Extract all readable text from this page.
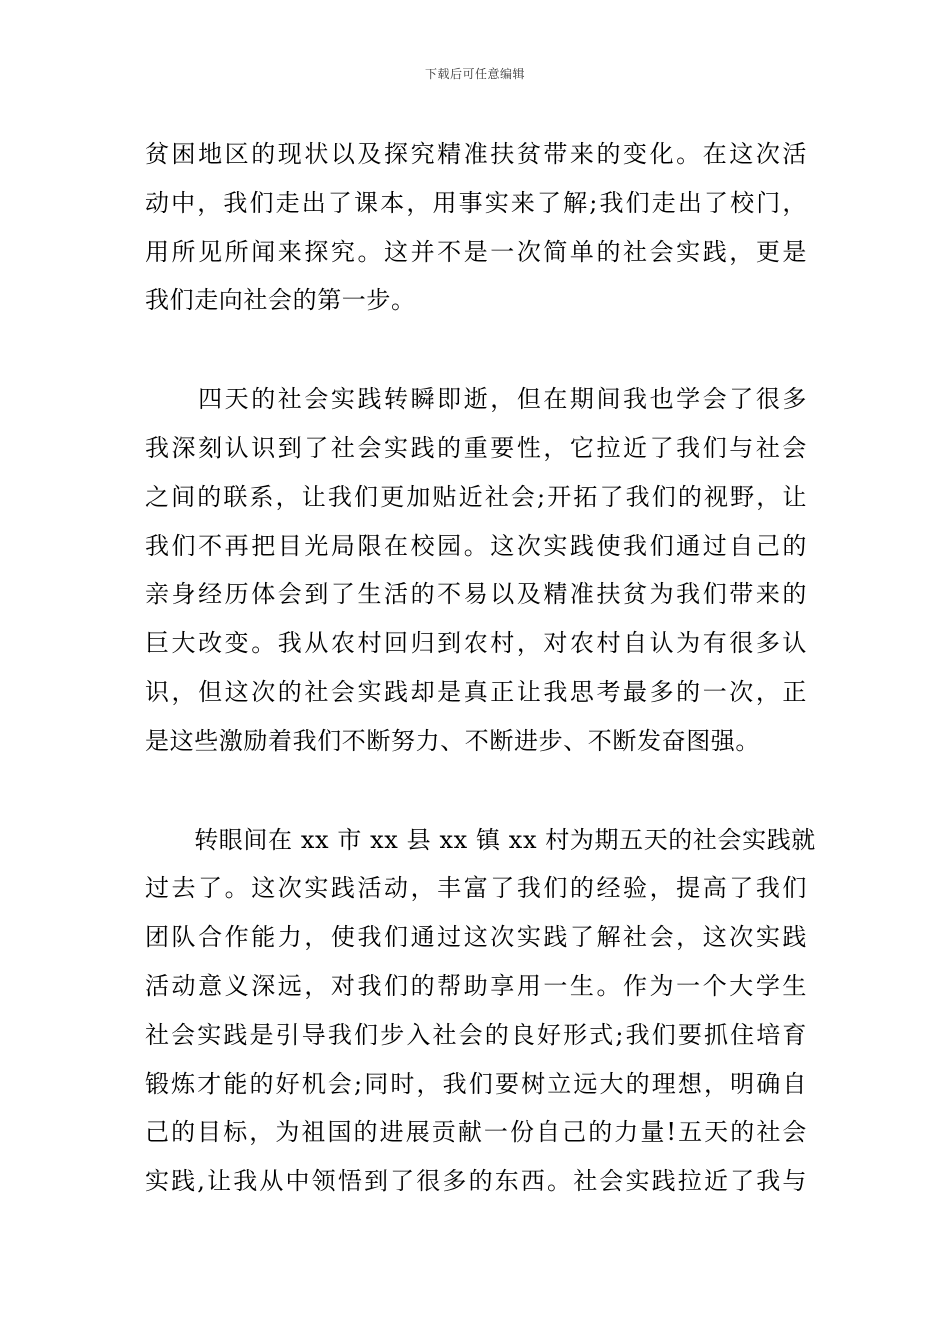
下载后可任意编辑
贫困地区的现状以及探究精准扶贫带来的变化。在这次活
动中，我们走出了课本，用事实来了解;我们走出了校门，
用所见所闻来探究。这并不是一次简单的社会实践，更是
我们走向社会的第一步。
　　四天的社会实践转瞬即逝，但在期间我也学会了很多
我深刻认识到了社会实践的重要性，它拉近了我们与社会
之间的联系，让我们更加贴近社会;开拓了我们的视野，让
我们不再把目光局限在校园。这次实践使我们通过自己的
亲身经历体会到了生活的不易以及精准扶贫为我们带来的
巨大改变。我从农村回归到农村，对农村自认为有很多认
识，但这次的社会实践却是真正让我思考最多的一次，正
是这些激励着我们不断努力、不断进步、不断发奋图强。
　　转眼间在 xx 市 xx 县 xx 镇 xx 村为期五天的社会实践就
过去了。这次实践活动，丰富了我们的经验，提高了我们
团队合作能力，使我们通过这次实践了解社会，这次实践
活动意义深远，对我们的帮助享用一生。作为一个大学生
社会实践是引导我们步入社会的良好形式;我们要抓住培育
锻炼才能的好机会;同时，我们要树立远大的理想，明确自
己的目标，为祖国的进展贡献一份自己的力量!五天的社会
实践,让我从中领悟到了很多的东西。社会实践拉近了我与
